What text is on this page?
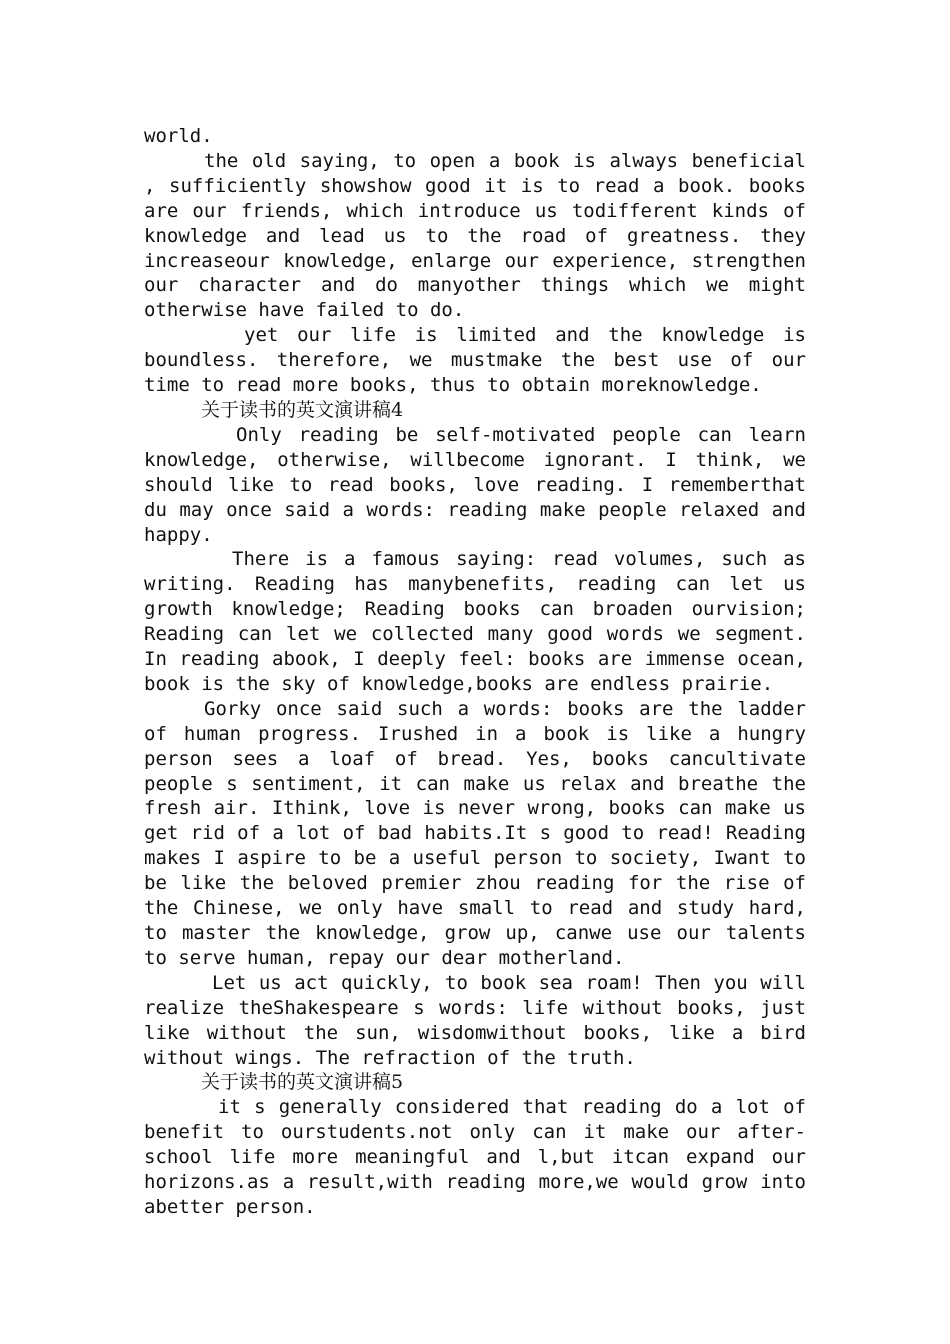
world.

the old saying, to open a book is always beneficial , sufficiently showshow good it is to read a book. books are our friends, which introduce us todifferent kinds of knowledge and lead us to the road of greatness. they increaseour knowledge, enlarge our experience, strengthen our character and do manyother things which we might otherwise have failed to do.

yet our life is limited and the knowledge is boundless. therefore, we mustmake the best use of our time to read more books, thus to obtain moreknowledge.

关于读书的英文演讲稿4

Only reading be self-motivated people can learn knowledge, otherwise, willbecome ignorant. I think, we should like to read books, love reading. I rememberthat du may once said a words: reading make people relaxed and happy.

There is a famous saying: read volumes, such as writing. Reading has manybenefits, reading can let us growth knowledge; Reading books can broaden ourvision; Reading can let we collected many good words we segment. In reading abook, I deeply feel: books are immense ocean, book is the sky of knowledge,books are endless prairie.

Gorky once said such a words: books are the ladder of human progress. Irushed in a book is like a hungry person sees a loaf of bread. Yes, books cancultivate people s sentiment, it can make us relax and breathe the fresh air. Ithink, love is never wrong, books can make us get rid of a lot of bad habits.It s good to read! Reading makes I aspire to be a useful person to society, Iwant to be like the beloved premier zhou reading for the rise of the Chinese, we only have small to read and study hard, to master the knowledge, grow up, canwe use our talents to serve human, repay our dear motherland.

Let us act quickly, to book sea roam! Then you will realize theShakespeare s words: life without books, just like without the sun, wisdomwithout books, like a bird without wings. The refraction of the truth.

关于读书的英文演讲稿5

it s generally considered that reading do a lot of benefit to ourstudents.not only can it make our after-school life more meaningful and l,but itcan expand our horizons.as a result,with reading more,we would grow into abetter person.
